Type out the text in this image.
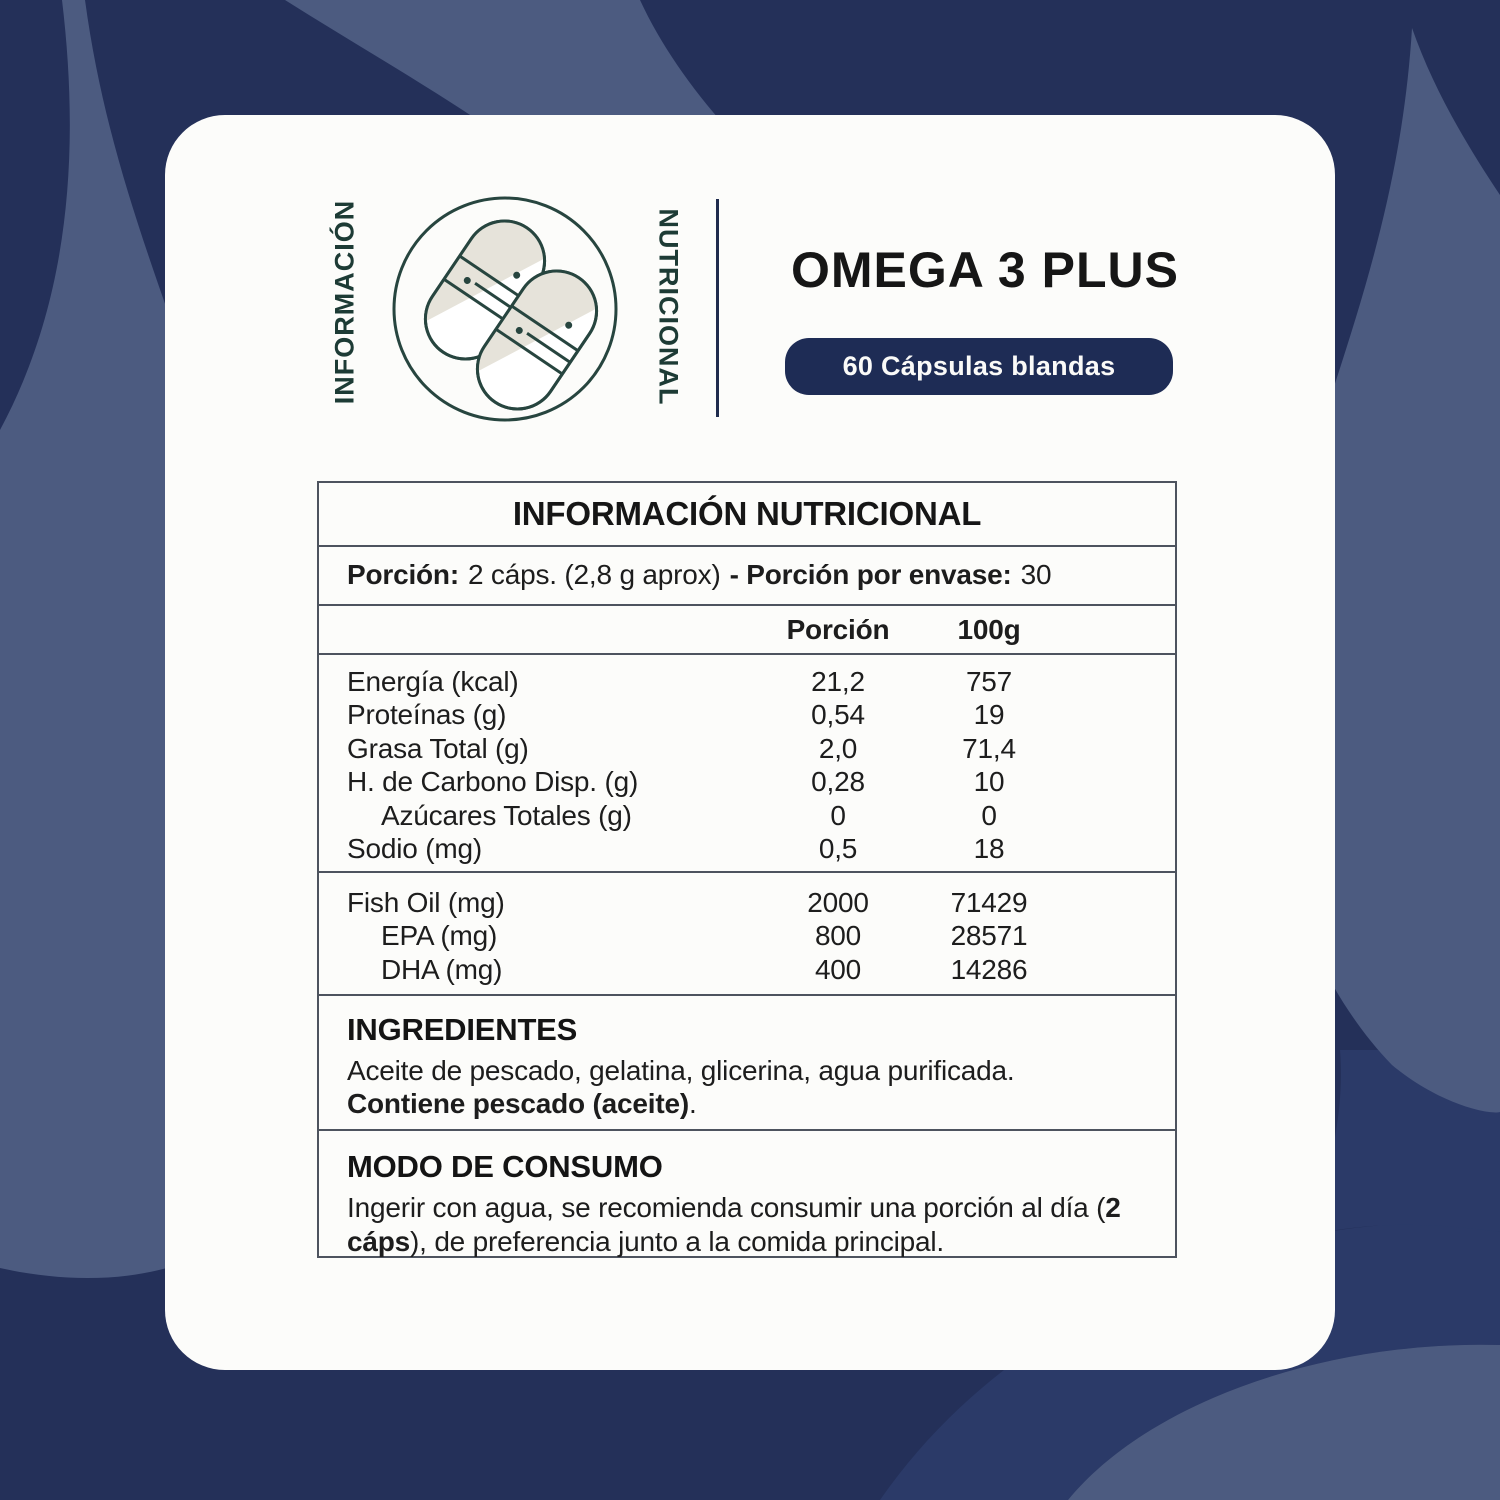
INFORMACIÓN	NUTRICIONAL	OMEGA 3 PLUS
60 Cápsulas blandas
INFORMACIÓN NUTRICIONAL
Porción: 2 cáps. (2,8 g aprox) - Porción por envase: 30
Porción	100g
Energía (kcal)	21,2	757
Proteínas (g)	0,54	19
Grasa Total (g)	2,0	71,4
H. de Carbono Disp. (g)	0,28	10
Azúcares Totales (g)	0	0
Sodio (mg)	0,5	18
Fish Oil (mg)	2000	71429
EPA (mg)	800	28571
DHA (mg)	400	14286

INGREDIENTES

Aceite de pescado, gelatina, glicerina, agua purificada.

Contiene pescado (aceite).

MODO DE CONSUMO

Ingerir con agua, se recomienda consumir una porción al día (2 cáps), de preferencia junto a la comida principal.
